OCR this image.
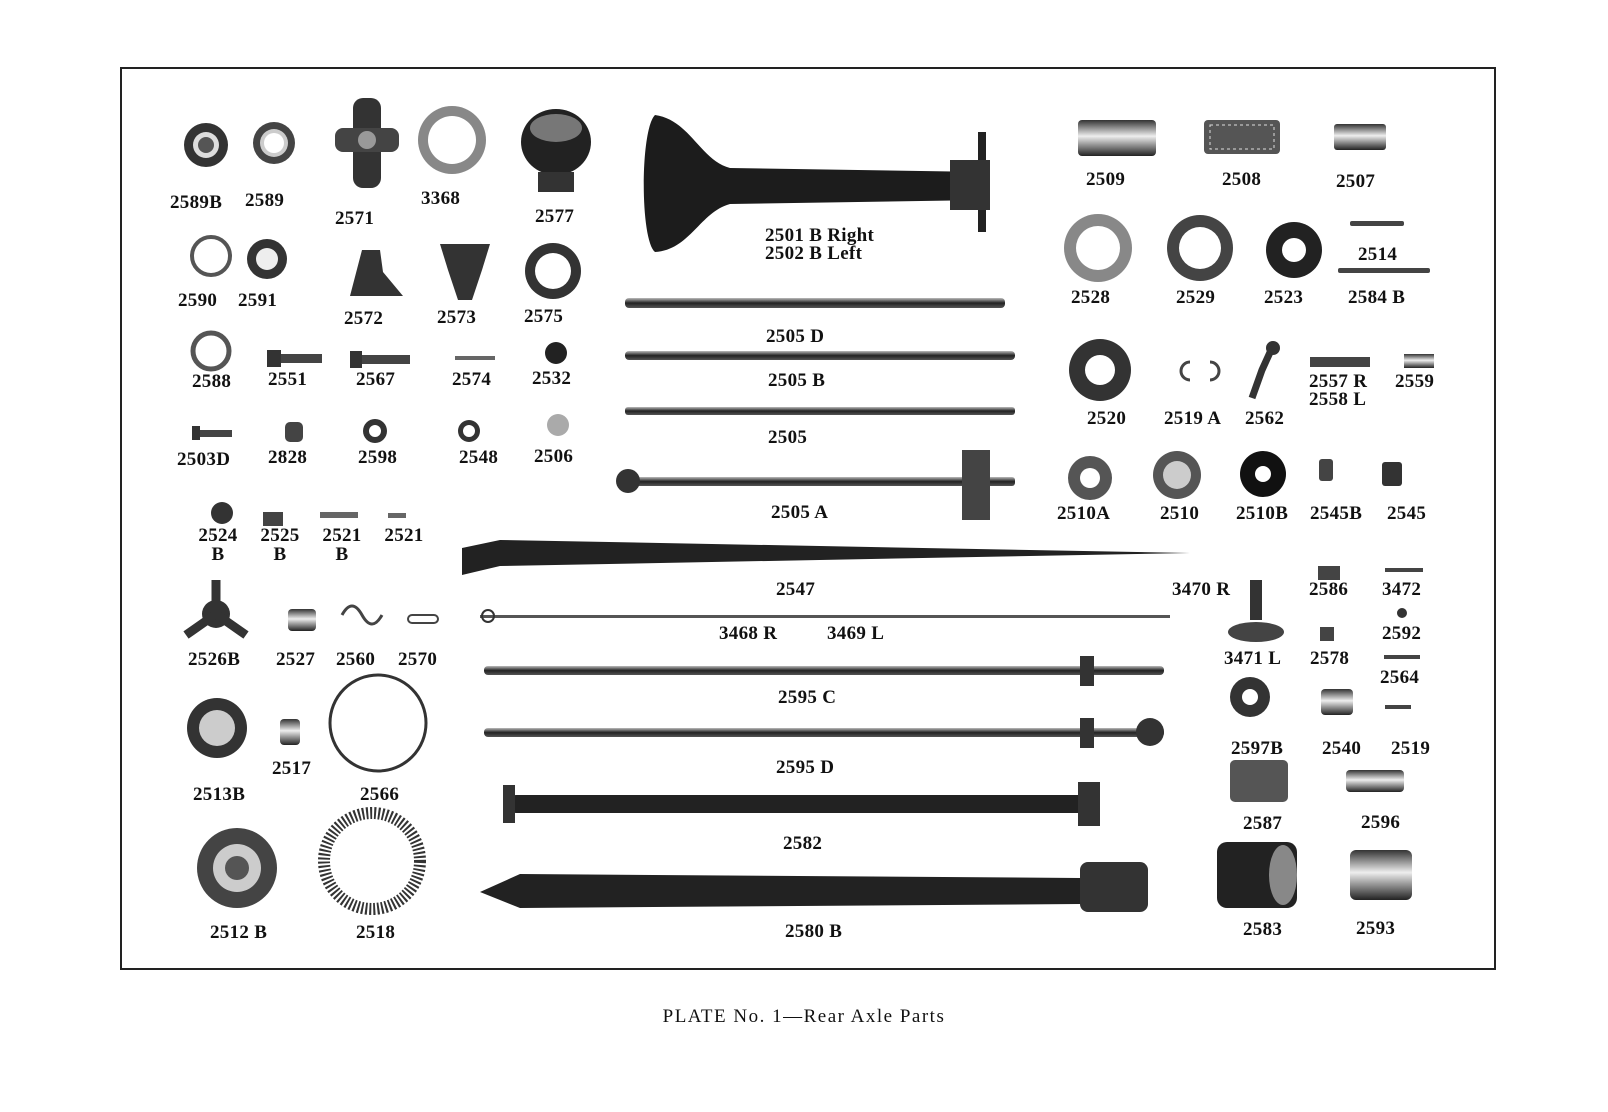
2589B 2589
2571
3368
2577
2501 B Right
2502 B Left
2509	2508	2507
2590 2591
2572	2573	2575
2528	2529	2523
2514
2584 B
2505 D
2588 2551	2567	2574 2532	2505 B
2520 2519 A 2562
2557 R
2558 L
2559
2505
2503D 2828	2598	2548 2506
2505 A	2510A	2510 2510B 2545B 2545
2524
B
2525
B
2521
B
2521
2547	3470 R	2586 3472
3468 R	3469 L	2592
2526B 2527 2560 2570	3471 L 2578
2564
2595 C
2517
2597B 2540 2519
2513B	2566
2595 D
2587	2596
2582
2512 B	2518	2580 B	2583	2593
PLATE No. 1—Rear Axle Parts
